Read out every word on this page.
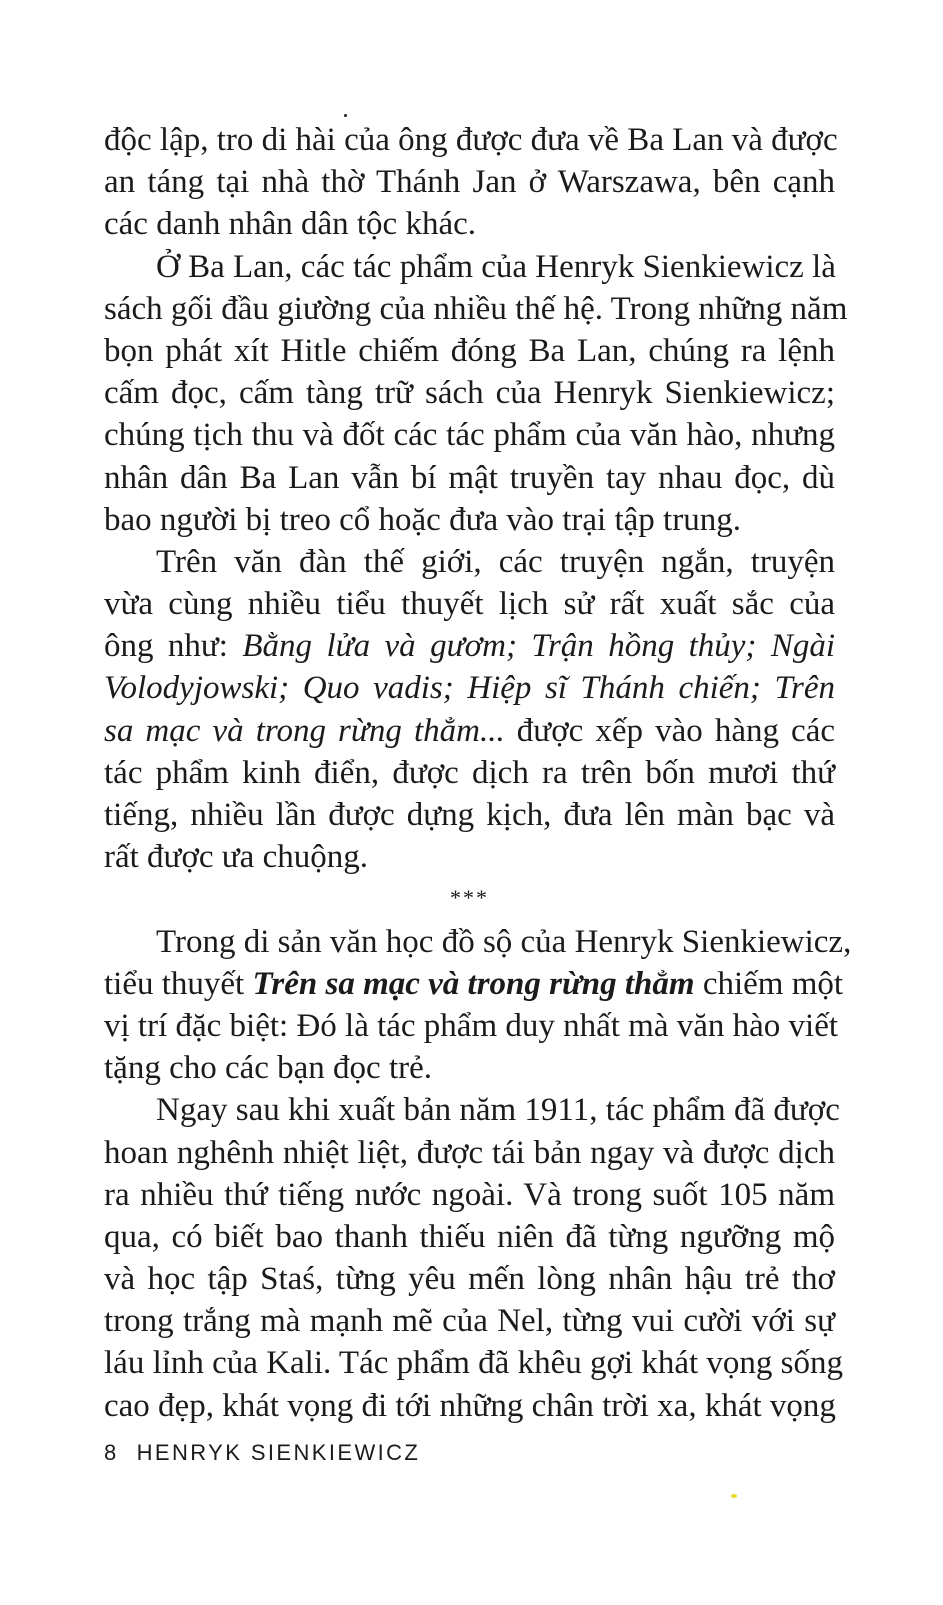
độc lập, tro di hài của ông được đưa về Ba Lan và được
an táng tại nhà thờ Thánh Jan ở Warszawa, bên cạnh
các danh nhân dân tộc khác.
Ở Ba Lan, các tác phẩm của Henryk Sienkiewicz là
sách gối đầu giường của nhiều thế hệ. Trong những năm
bọn phát xít Hitle chiếm đóng Ba Lan, chúng ra lệnh
cấm đọc, cấm tàng trữ sách của Henryk Sienkiewicz;
chúng tịch thu và đốt các tác phẩm của văn hào, nhưng
nhân dân Ba Lan vẫn bí mật truyền tay nhau đọc, dù
bao người bị treo cổ hoặc đưa vào trại tập trung.
Trên văn đàn thế giới, các truyện ngắn, truyện
vừa cùng nhiều tiểu thuyết lịch sử rất xuất sắc của
ông như: Bằng lửa và gươm; Trận hồng thủy; Ngài
Volodyjowski; Quo vadis; Hiệp sĩ Thánh chiến; Trên
sa mạc và trong rừng thẳm... được xếp vào hàng các
tác phẩm kinh điển, được dịch ra trên bốn mươi thứ
tiếng, nhiều lần được dựng kịch, đưa lên màn bạc và
rất được ưa chuộng.
***
Trong di sản văn học đồ sộ của Henryk Sienkiewicz,
tiểu thuyết Trên sa mạc và trong rừng thẳm chiếm một
vị trí đặc biệt: Đó là tác phẩm duy nhất mà văn hào viết
tặng cho các bạn đọc trẻ.
Ngay sau khi xuất bản năm 1911, tác phẩm đã được
hoan nghênh nhiệt liệt, được tái bản ngay và được dịch
ra nhiều thứ tiếng nước ngoài. Và trong suốt 105 năm
qua, có biết bao thanh thiếu niên đã từng ngưỡng mộ
và học tập Staś, từng yêu mến lòng nhân hậu trẻ thơ
trong trắng mà mạnh mẽ của Nel, từng vui cười với sự
láu lỉnh của Kali. Tác phẩm đã khêu gợi khát vọng sống
cao đẹp, khát vọng đi tới những chân trời xa, khát vọng
8 HENRYK SIENKIEWICZ
